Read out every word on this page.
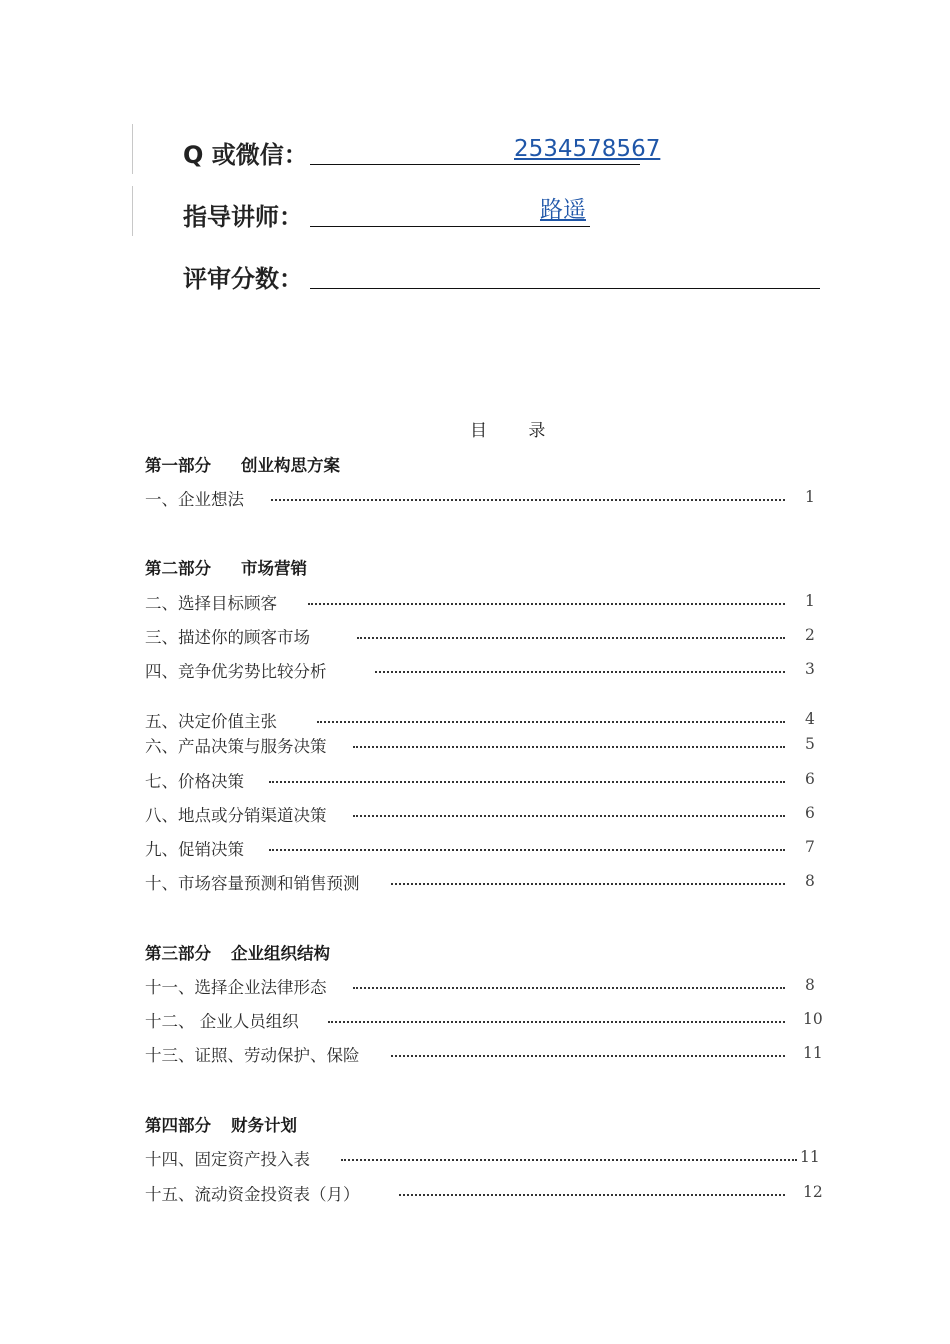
Q 或微信：	2534578567
指导讲师：	路遥
评审分数：
目 录
第一部分 创业构思方案
一、企业想法	1
第二部分 市场营销
二、选择目标顾客	1
三、描述你的顾客市场	2
四、竞争优劣势比较分析	3
五、决定价值主张	4
六、产品决策与服务决策	5
七、价格决策	6
八、地点或分销渠道决策	6
九、促销决策	7
十、市场容量预测和销售预测	8
第三部分 企业组织结构
十一、选择企业法律形态	8
十二、 企业人员组织	10
十三、证照、劳动保护、保险	11
第四部分 财务计划
十四、固定资产投入表	11
十五、流动资金投资表（月）	12
